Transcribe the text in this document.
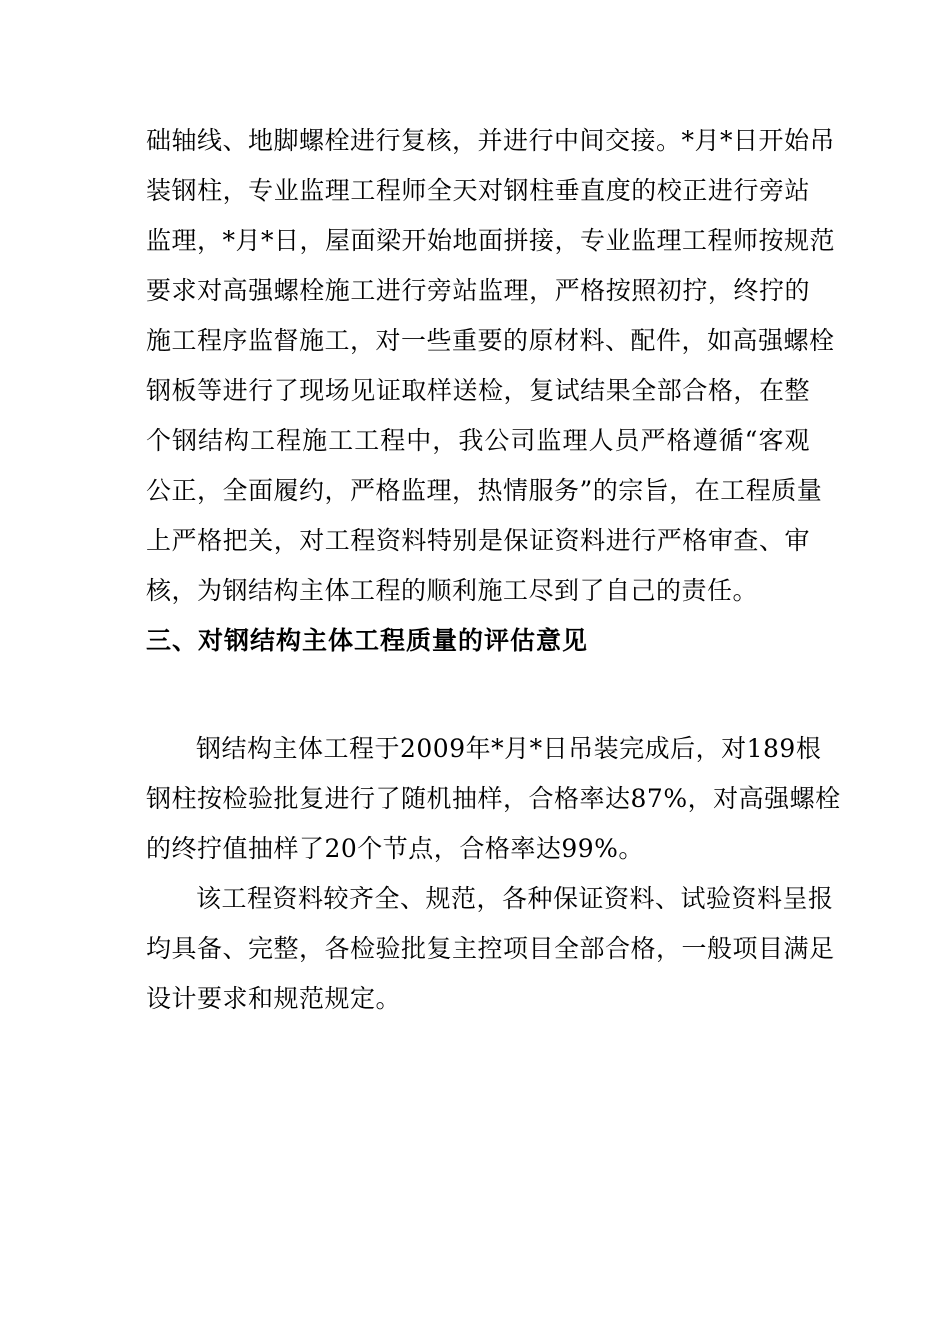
础轴线、地脚螺栓进行复核，并进行中间交接。*月*日开始吊
装钢柱，专业监理工程师全天对钢柱垂直度的校正进行旁站
监理，*月*日，屋面梁开始地面拼接，专业监理工程师按规范
要求对高强螺栓施工进行旁站监理，严格按照初拧，终拧的
施工程序监督施工，对一些重要的原材料、配件，如高强螺栓
钢板等进行了现场见证取样送检，复试结果全部合格，在整
个钢结构工程施工工程中，我公司监理人员严格遵循“客观
公正，全面履约，严格监理，热情服务”的宗旨，在工程质量
上严格把关，对工程资料特别是保证资料进行严格审查、审
核，为钢结构主体工程的顺利施工尽到了自己的责任。
三、对钢结构主体工程质量的评估意见
钢结构主体工程于2009年*月*日吊装完成后，对189根
钢柱按检验批复进行了随机抽样，合格率达87%，对高强螺栓
的终拧值抽样了20个节点，合格率达99%。
该工程资料较齐全、规范，各种保证资料、试验资料呈报
均具备、完整，各检验批复主控项目全部合格，一般项目满足
设计要求和规范规定。
